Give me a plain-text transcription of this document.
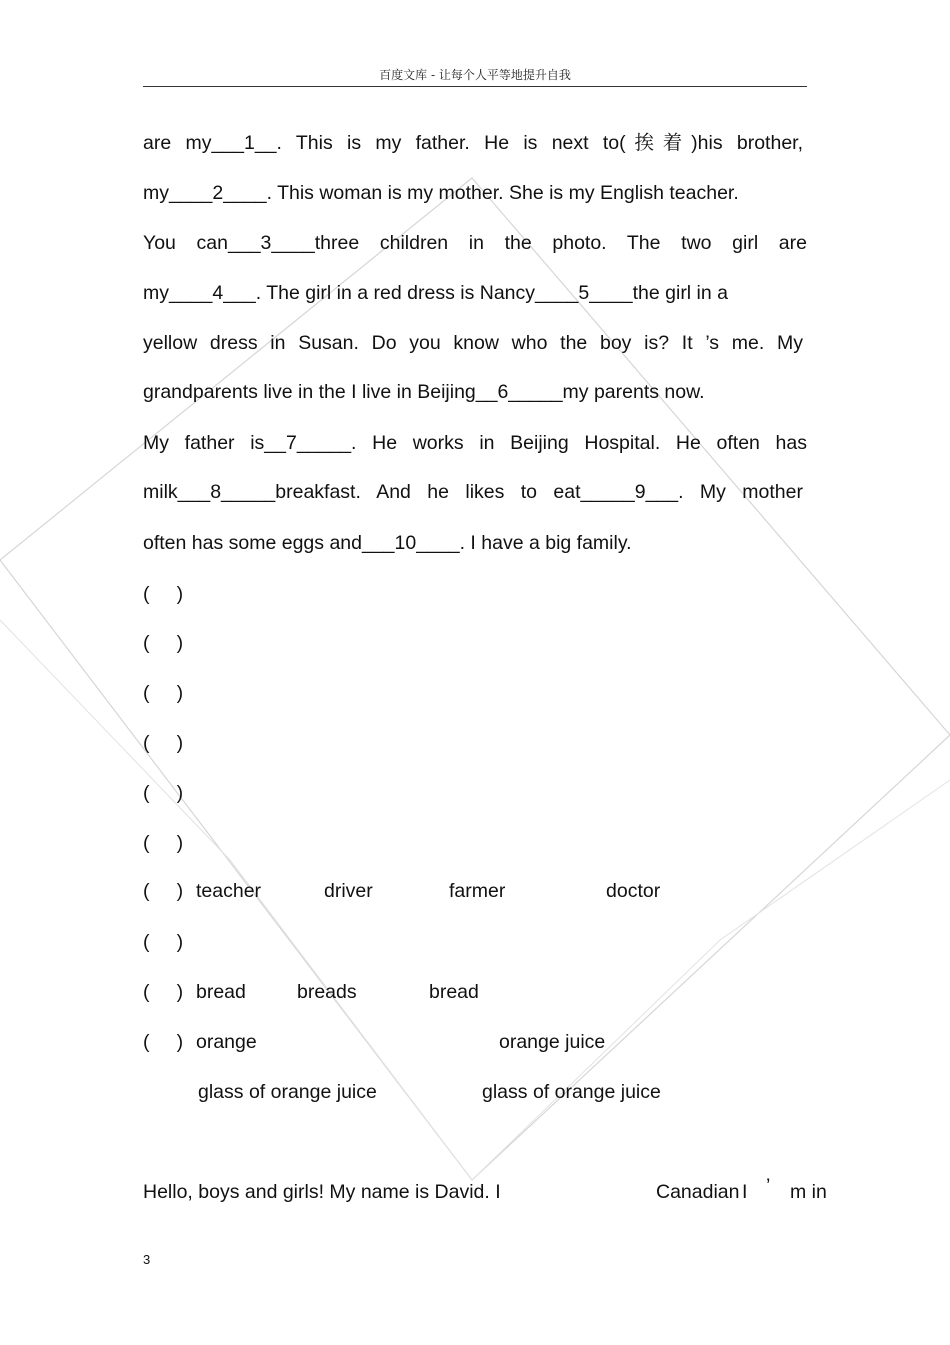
百度文库 - 让每个人平等地提升自我
are my___1__. This is my father. He is next to(挨着)his brother,
my____2____. This woman is my mother. She is my English teacher.
You can___3____three children in the photo. The two girl are
my____4___. The girl in a red dress is Nancy____5____the girl in a
yellow dress in Susan. Do you know who the boy is? It ’s me. My
grandparents live in the I live in Beijing__6_____my parents now.
My father is__7_____. He works in Beijing Hospital. He often has
milk___8_____breakfast. And he likes to eat_____9___. My mother
often has some eggs and___10____. I have a big family.
(     )
(     )
(     )
(     )
(     )
(     )
(     ) teacher	driver	farmer	doctor
(     )
(     ) bread	breads	bread
(     ) orange	orange juice
glass of orange juice	glass of orange juice
Hello, boys and girls! My name is David. I	Canadian I ’ m in
3
